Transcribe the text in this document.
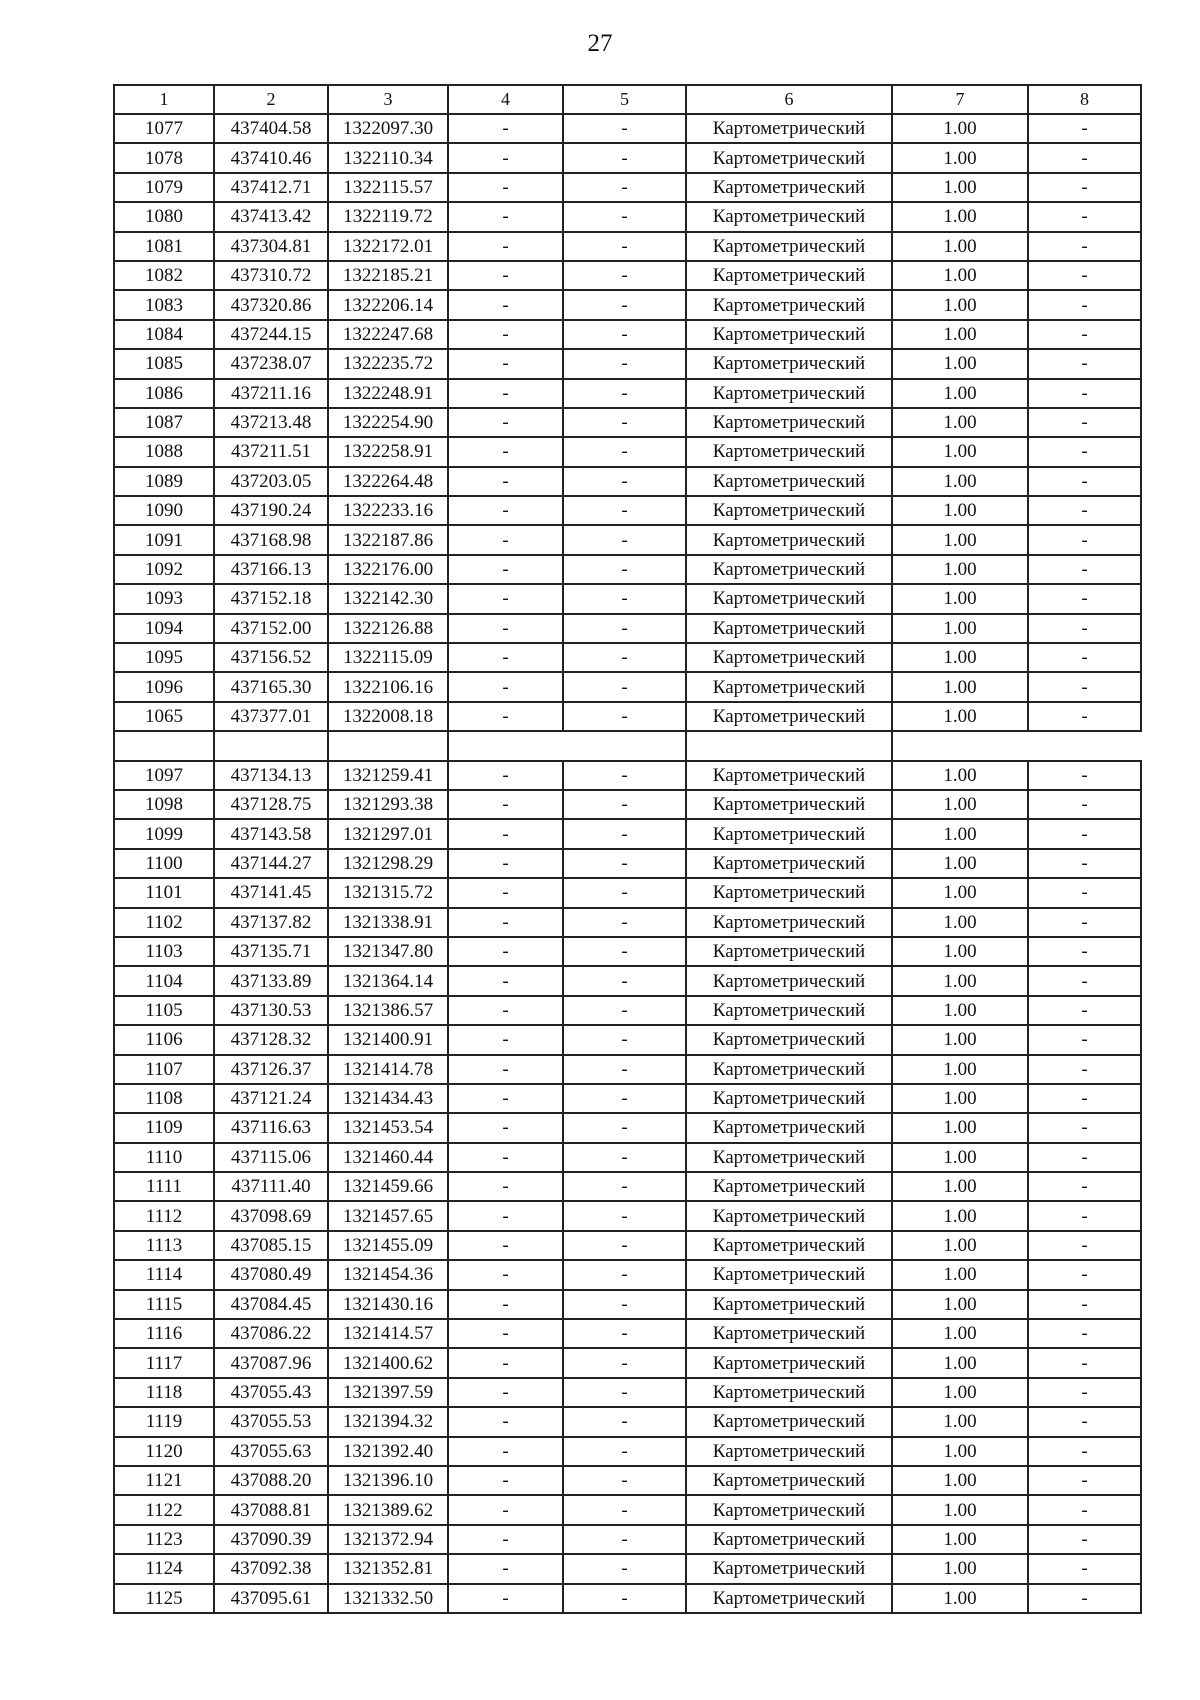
27
1	2	3	4	5	6	7	8
1077	437404.58	1322097.30	-	-	Картометрический	1.00	-
1078	437410.46	1322110.34	-	-	Картометрический	1.00	-
1079	437412.71	1322115.57	-	-	Картометрический	1.00	-
1080	437413.42	1322119.72	-	-	Картометрический	1.00	-
1081	437304.81	1322172.01	-	-	Картометрический	1.00	-
1082	437310.72	1322185.21	-	-	Картометрический	1.00	-
1083	437320.86	1322206.14	-	-	Картометрический	1.00	-
1084	437244.15	1322247.68	-	-	Картометрический	1.00	-
1085	437238.07	1322235.72	-	-	Картометрический	1.00	-
1086	437211.16	1322248.91	-	-	Картометрический	1.00	-
1087	437213.48	1322254.90	-	-	Картометрический	1.00	-
1088	437211.51	1322258.91	-	-	Картометрический	1.00	-
1089	437203.05	1322264.48	-	-	Картометрический	1.00	-
1090	437190.24	1322233.16	-	-	Картометрический	1.00	-
1091	437168.98	1322187.86	-	-	Картометрический	1.00	-
1092	437166.13	1322176.00	-	-	Картометрический	1.00	-
1093	437152.18	1322142.30	-	-	Картометрический	1.00	-
1094	437152.00	1322126.88	-	-	Картометрический	1.00	-
1095	437156.52	1322115.09	-	-	Картометрический	1.00	-
1096	437165.30	1322106.16	-	-	Картометрический	1.00	-
1065	437377.01	1322008.18	-	-	Картометрический	1.00	-

1097	437134.13	1321259.41	-	-	Картометрический	1.00	-
1098	437128.75	1321293.38	-	-	Картометрический	1.00	-
1099	437143.58	1321297.01	-	-	Картометрический	1.00	-
1100	437144.27	1321298.29	-	-	Картометрический	1.00	-
1101	437141.45	1321315.72	-	-	Картометрический	1.00	-
1102	437137.82	1321338.91	-	-	Картометрический	1.00	-
1103	437135.71	1321347.80	-	-	Картометрический	1.00	-
1104	437133.89	1321364.14	-	-	Картометрический	1.00	-
1105	437130.53	1321386.57	-	-	Картометрический	1.00	-
1106	437128.32	1321400.91	-	-	Картометрический	1.00	-
1107	437126.37	1321414.78	-	-	Картометрический	1.00	-
1108	437121.24	1321434.43	-	-	Картометрический	1.00	-
1109	437116.63	1321453.54	-	-	Картометрический	1.00	-
1110	437115.06	1321460.44	-	-	Картометрический	1.00	-
1111	437111.40	1321459.66	-	-	Картометрический	1.00	-
1112	437098.69	1321457.65	-	-	Картометрический	1.00	-
1113	437085.15	1321455.09	-	-	Картометрический	1.00	-
1114	437080.49	1321454.36	-	-	Картометрический	1.00	-
1115	437084.45	1321430.16	-	-	Картометрический	1.00	-
1116	437086.22	1321414.57	-	-	Картометрический	1.00	-
1117	437087.96	1321400.62	-	-	Картометрический	1.00	-
1118	437055.43	1321397.59	-	-	Картометрический	1.00	-
1119	437055.53	1321394.32	-	-	Картометрический	1.00	-
1120	437055.63	1321392.40	-	-	Картометрический	1.00	-
1121	437088.20	1321396.10	-	-	Картометрический	1.00	-
1122	437088.81	1321389.62	-	-	Картометрический	1.00	-
1123	437090.39	1321372.94	-	-	Картометрический	1.00	-
1124	437092.38	1321352.81	-	-	Картометрический	1.00	-
1125	437095.61	1321332.50	-	-	Картометрический	1.00	-
